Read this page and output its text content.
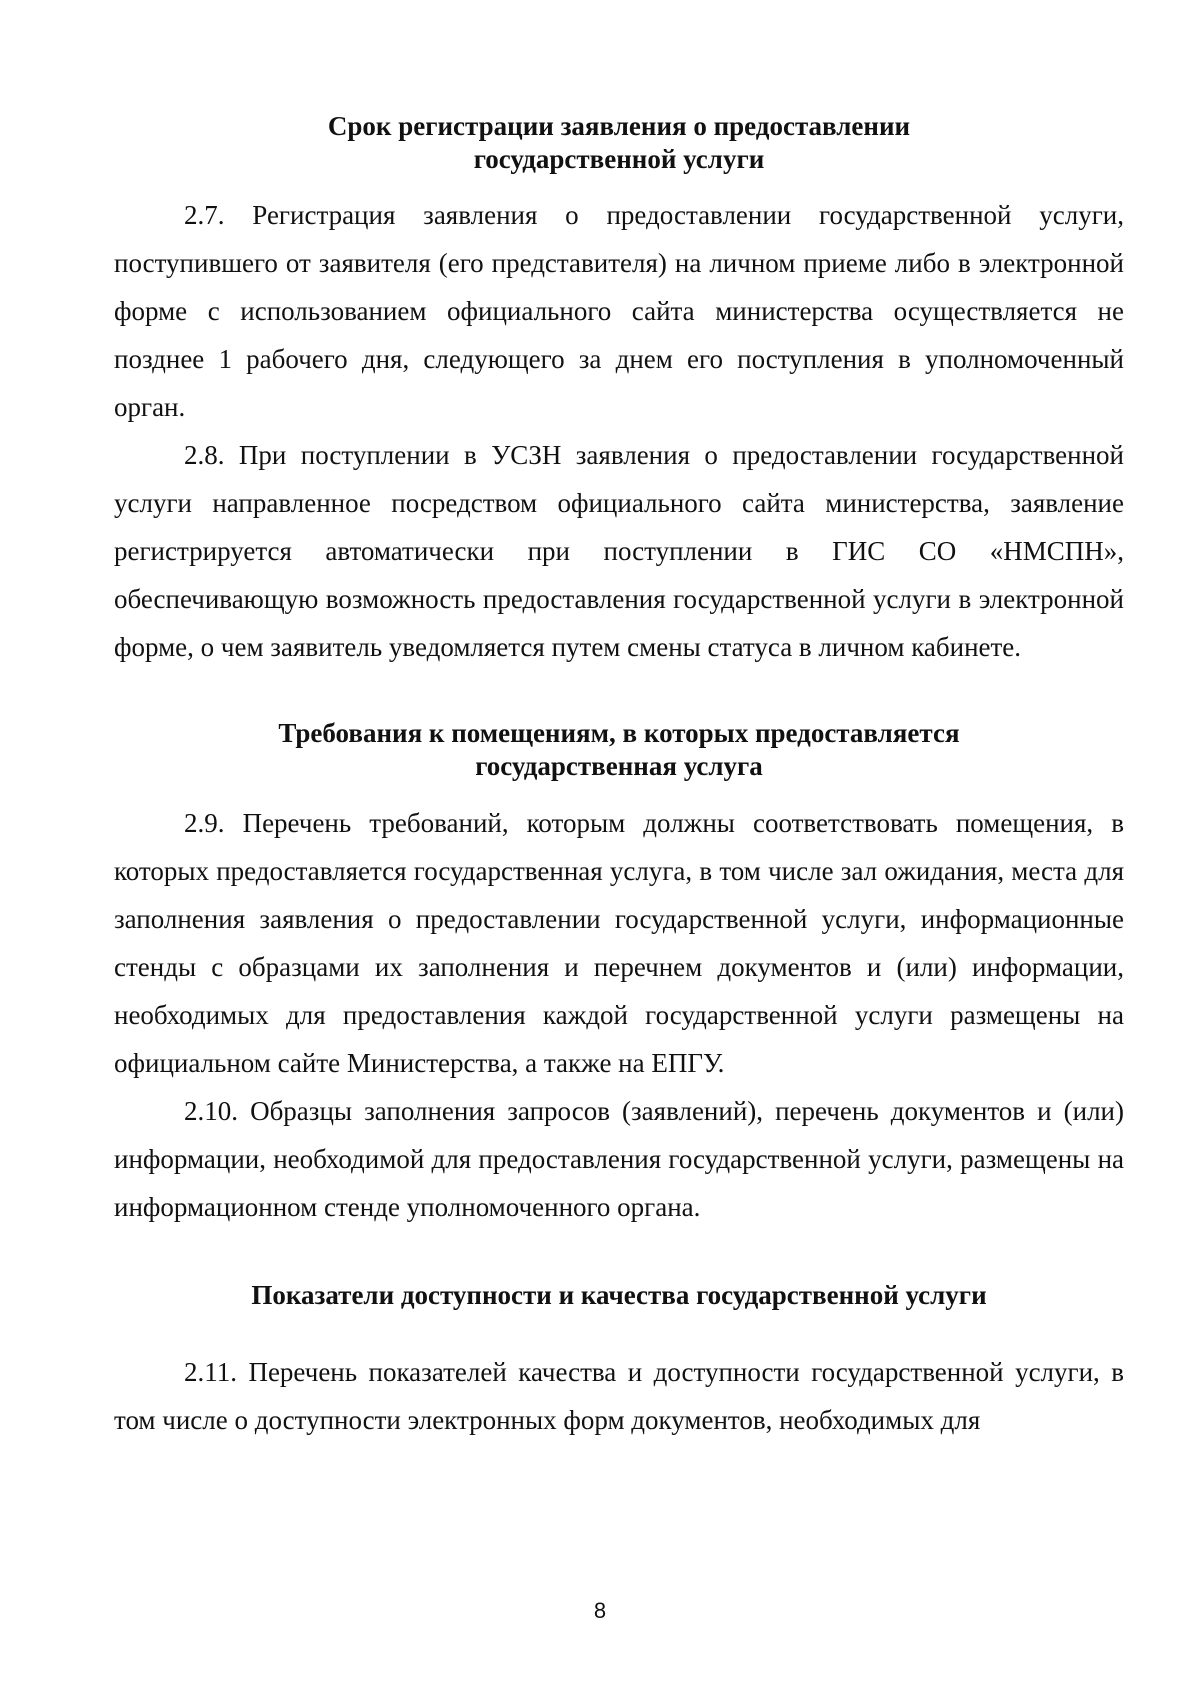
Срок регистрации заявления о предоставлении
государственной услуги

2.7. Регистрация заявления о предоставлении государственной услуги, поступившего от заявителя (его представителя) на личном приеме либо в электронной форме с использованием официального сайта министерства осуществляется не позднее 1 рабочего дня, следующего за днем его поступления в уполномоченный орган.

2.8. При поступлении в УСЗН заявления о предоставлении государственной услуги направленное посредством официального сайта министерства, заявление регистрируется автоматически при поступлении в ГИС СО «НМСПН», обеспечивающую возможность предоставления государственной услуги в электронной форме, о чем заявитель уведомляется путем смены статуса в личном кабинете.

Требования к помещениям, в которых предоставляется
государственная услуга

2.9. Перечень требований, которым должны соответствовать помещения, в которых предоставляется государственная услуга, в том числе зал ожидания, места для заполнения заявления о предоставлении государственной услуги, информационные стенды с образцами их заполнения и перечнем документов и (или) информации, необходимых для предоставления каждой государственной услуги размещены на официальном сайте Министерства, а также на ЕПГУ.

2.10. Образцы заполнения запросов (заявлений), перечень документов и (или) информации, необходимой для предоставления государственной услуги, размещены на информационном стенде уполномоченного органа.

Показатели доступности и качества государственной услуги

2.11. Перечень показателей качества и доступности государственной услуги, в том числе о доступности электронных форм документов, необходимых для

8
